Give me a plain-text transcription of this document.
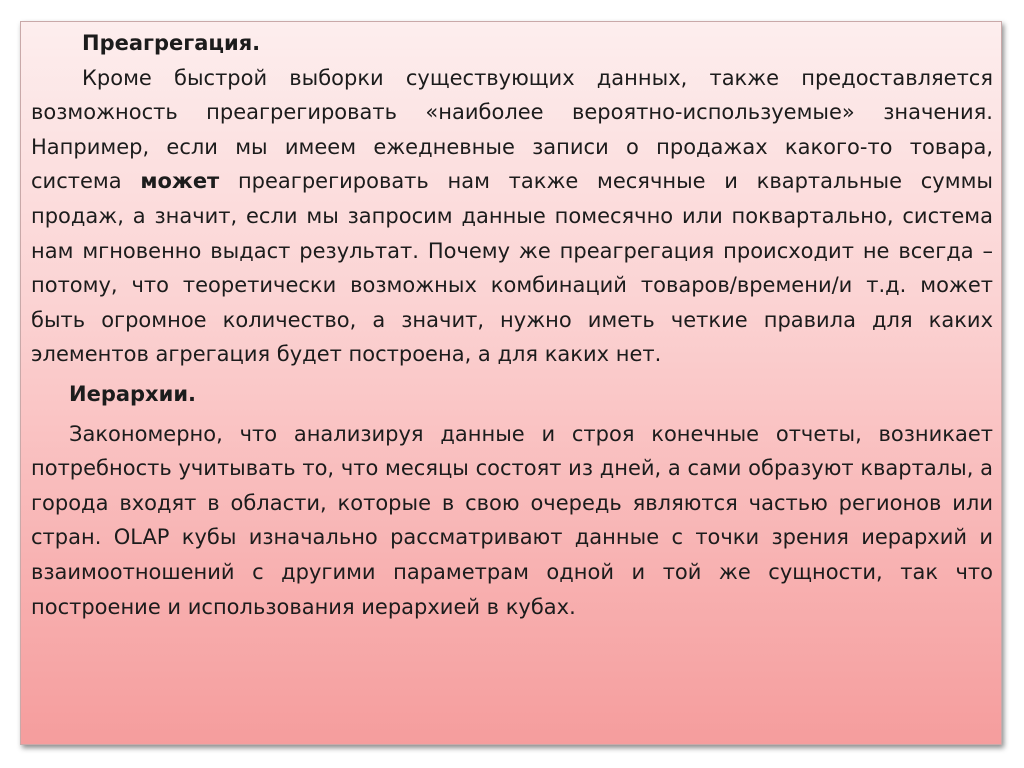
Преагрегация.

Кроме быстрой выборки существующих данных, также предоставляется возможность преагрегировать «наиболее вероятно-используемые» значения. Например, если мы имеем ежедневные записи о продажах какого-то товара, система может преагрегировать нам также месячные и квартальные суммы продаж, а значит, если мы запросим данные помесячно или поквартально, система нам мгновенно выдаст результат. Почему же преагрегация происходит не всегда – потому, что теоретически возможных комбинаций товаров/времени/и т.д. может быть огромное количество, а значит, нужно иметь четкие правила для каких элементов агрегация будет построена, а для каких нет.

Иерархии.

Закономерно, что анализируя данные и строя конечные отчеты, возникает потребность учитывать то, что месяцы состоят из дней, а сами образуют кварталы, а города входят в области, которые в свою очередь являются частью регионов или стран. OLAP кубы изначально рассматривают данные с точки зрения иерархий и взаимоотношений с другими параметрам одной и той же сущности, так что построение и использования иерархией в кубах.
